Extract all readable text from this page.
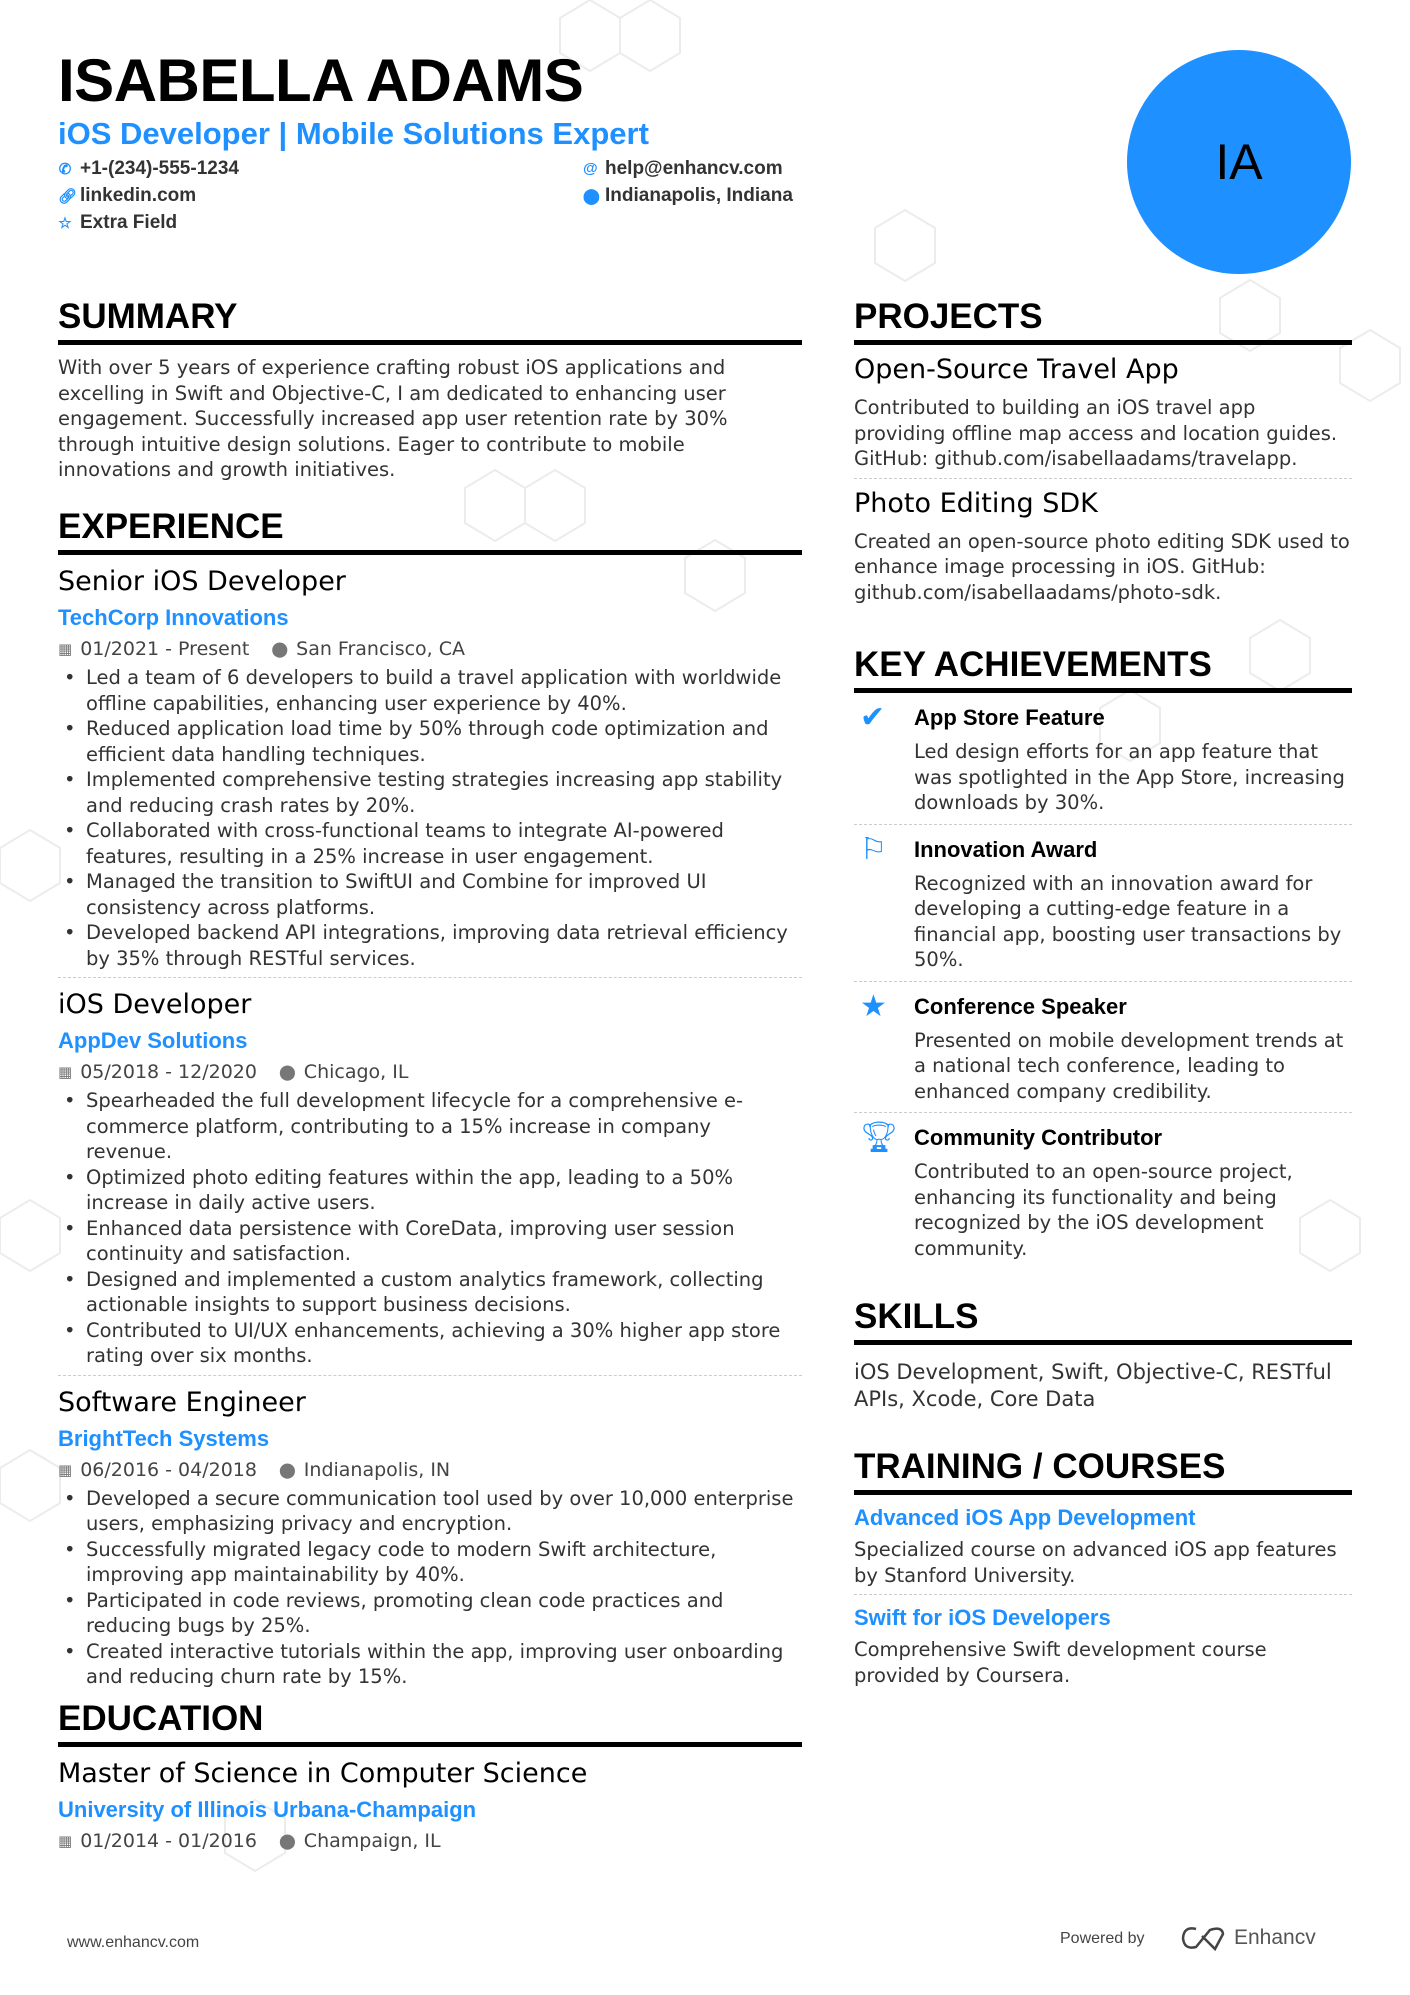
ISABELLA ADAMS
iOS Developer | Mobile Solutions Expert
✆ +1-(234)-555-1234
🔗︎ linkedin.com
☆ Extra Field
@ help@enhancv.com
⬤ Indianapolis, Indiana
IA
SUMMARY
With over 5 years of experience crafting robust iOS applications and excelling in Swift and Objective-C, I am dedicated to enhancing user engagement. Successfully increased app user retention rate by 30% through intuitive design solutions. Eager to contribute to mobile innovations and growth initiatives.
EXPERIENCE
Senior iOS Developer
TechCorp Innovations
▦ 01/2021 - Present ⬤ San Francisco, CA
• Led a team of 6 developers to build a travel application with worldwide offline capabilities, enhancing user experience by 40%.
• Reduced application load time by 50% through code optimization and efficient data handling techniques.
• Implemented comprehensive testing strategies increasing app stability and reducing crash rates by 20%.
• Collaborated with cross-functional teams to integrate AI-powered features, resulting in a 25% increase in user engagement.
• Managed the transition to SwiftUI and Combine for improved UI consistency across platforms.
• Developed backend API integrations, improving data retrieval efficiency by 35% through RESTful services.
iOS Developer
AppDev Solutions
▦ 05/2018 - 12/2020 ⬤ Chicago, IL
• Spearheaded the full development lifecycle for a comprehensive e-commerce platform, contributing to a 15% increase in company revenue.
• Optimized photo editing features within the app, leading to a 50% increase in daily active users.
• Enhanced data persistence with CoreData, improving user session continuity and satisfaction.
• Designed and implemented a custom analytics framework, collecting actionable insights to support business decisions.
• Contributed to UI/UX enhancements, achieving a 30% higher app store rating over six months.
Software Engineer
BrightTech Systems
▦ 06/2016 - 04/2018 ⬤ Indianapolis, IN
• Developed a secure communication tool used by over 10,000 enterprise users, emphasizing privacy and encryption.
• Successfully migrated legacy code to modern Swift architecture, improving app maintainability by 40%.
• Participated in code reviews, promoting clean code practices and reducing bugs by 25%.
• Created interactive tutorials within the app, improving user onboarding and reducing churn rate by 15%.
EDUCATION
Master of Science in Computer Science
University of Illinois Urbana-Champaign
▦ 01/2014 - 01/2016 ⬤ Champaign, IL
PROJECTS
Open-Source Travel App
Contributed to building an iOS travel app providing offline map access and location guides. GitHub: github.com/isabellaadams/travelapp.
Photo Editing SDK
Created an open-source photo editing SDK used to enhance image processing in iOS. GitHub: github.com/isabellaadams/photo-sdk.
KEY ACHIEVEMENTS
✔	App Store Feature
Led design efforts for an app feature that was spotlighted in the App Store, increasing downloads by 30%.
⚐	Innovation Award
Recognized with an innovation award for developing a cutting-edge feature in a financial app, boosting user transactions by 50%.
★	Conference Speaker
Presented on mobile development trends at a national tech conference, leading to enhanced company credibility.
🏆︎ Community Contributor
Contributed to an open-source project, enhancing its functionality and being recognized by the iOS development community.
SKILLS
iOS Development, Swift, Objective-C, RESTful APIs, Xcode, Core Data
TRAINING / COURSES
Advanced iOS App Development
Specialized course on advanced iOS app features by Stanford University.
Swift for iOS Developers
Comprehensive Swift development course provided by Coursera.
www.enhancv.com	Powered by	Enhancv
